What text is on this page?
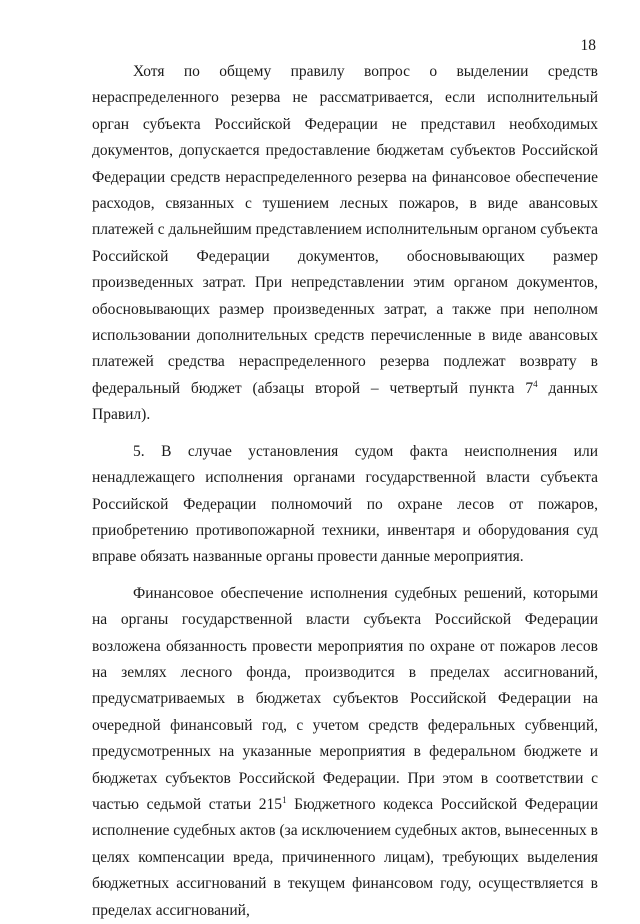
18

Хотя по общему правилу вопрос о выделении средств нераспределенного резерва не рассматривается, если исполнительный орган субъекта Российской Федерации не представил необходимых документов, допускается предоставление бюджетам субъектов Российской Федерации средств нераспределенного резерва на финансовое обеспечение расходов, связанных с тушением лесных пожаров, в виде авансовых платежей с дальнейшим представлением исполнительным органом субъекта Российской Федерации документов, обосновывающих размер произведенных затрат. При непредставлении этим органом документов, обосновывающих размер произведенных затрат, а также при неполном использовании дополнительных средств перечисленные в виде авансовых платежей средства нераспределенного резерва подлежат возврату в федеральный бюджет (абзацы второй – четвертый пункта $7^4$ данных Правил).

5. В случае установления судом факта неисполнения или ненадлежащего исполнения органами государственной власти субъекта Российской Федерации полномочий по охране лесов от пожаров, приобретению противопожарной техники, инвентаря и оборудования суд вправе обязать названные органы провести данные мероприятия.

Финансовое обеспечение исполнения судебных решений, которыми на органы государственной власти субъекта Российской Федерации возложена обязанность провести мероприятия по охране от пожаров лесов на землях лесного фонда, производится в пределах ассигнований, предусматриваемых в бюджетах субъектов Российской Федерации на очередной финансовый год, с учетом средств федеральных субвенций, предусмотренных на указанные мероприятия в федеральном бюджете и бюджетах субъектов Российской Федерации. При этом в соответствии с частью седьмой статьи $215^1$ Бюджетного кодекса Российской Федерации исполнение судебных актов (за исключением судебных актов, вынесенных в целях компенсации вреда, причиненного лицам), требующих выделения бюджетных ассигнований в текущем финансовом году, осуществляется в пределах ассигнований,
